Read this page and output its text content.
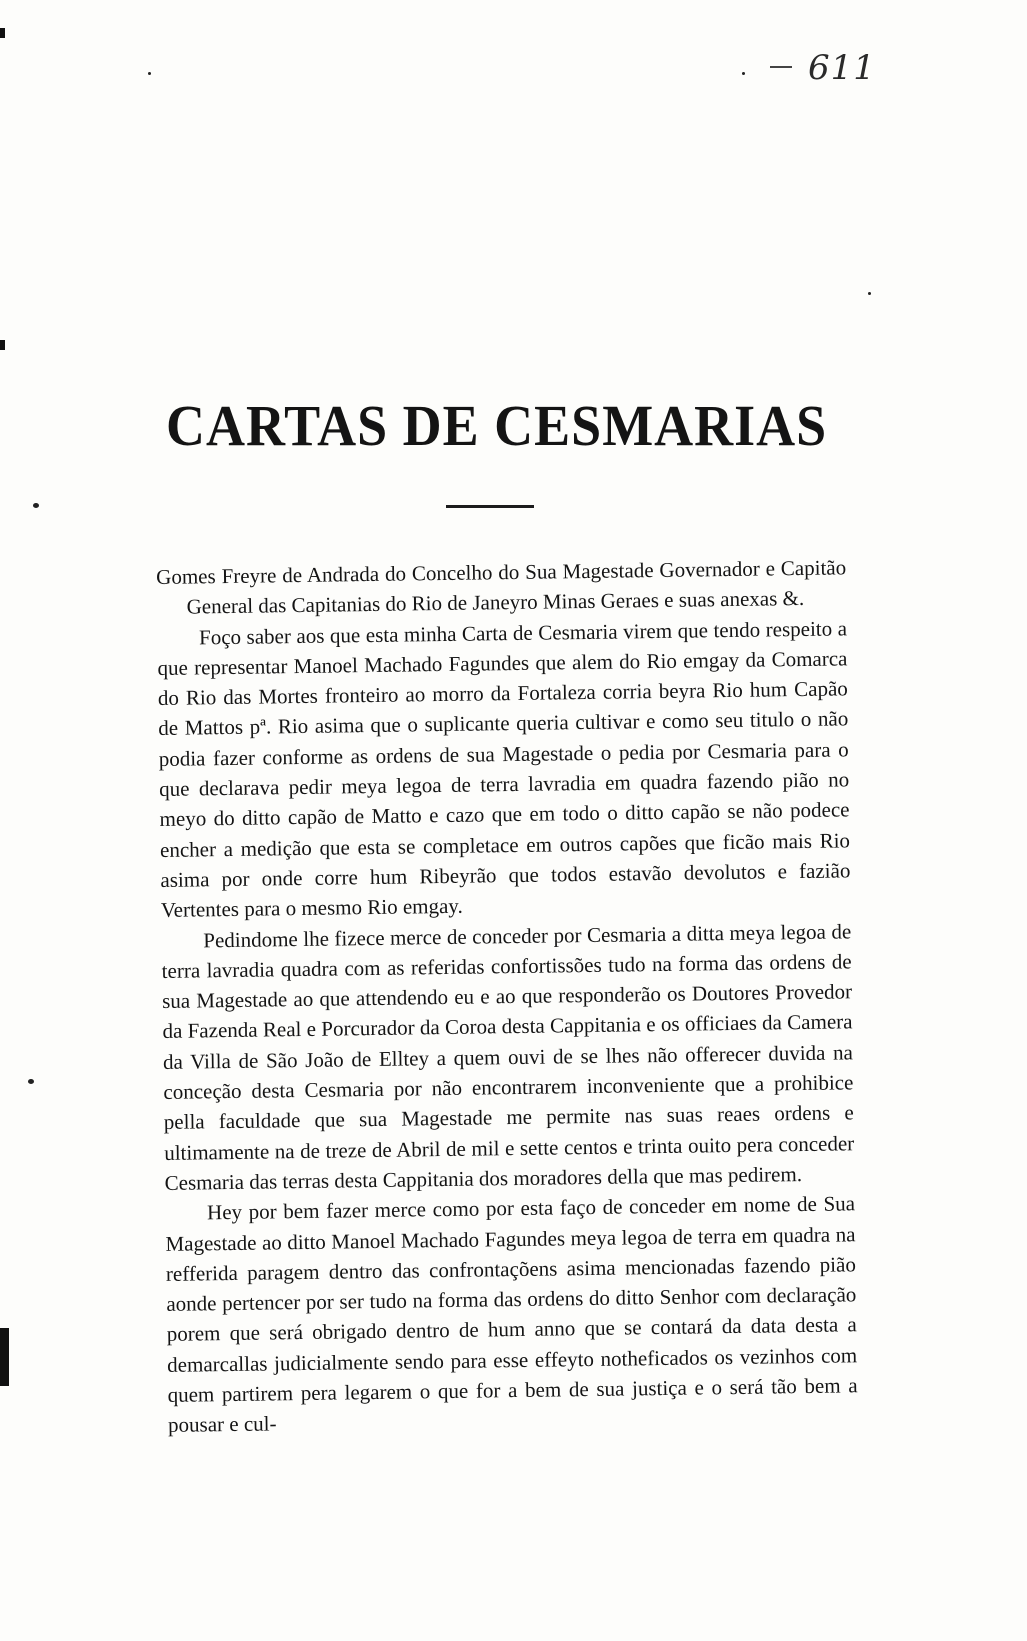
611
CARTAS DE CESMARIAS

Gomes Freyre de Andrada do Concelho do Sua Magestade Governador e Capitão General das Capitanias do Rio de Janeyro Minas Geraes e suas anexas &.

Foço saber aos que esta minha Carta de Cesmaria virem que tendo respeito a que representar Manoel Machado Fagundes que alem do Rio emgay da Comarca do Rio das Mortes fronteiro ao morro da Fortaleza corria beyra Rio hum Capão de Mattos pª. Rio asima que o suplicante queria cultivar e como seu titulo o não podia fazer conforme as ordens de sua Magestade o pedia por Cesmaria para o que declarava pedir meya legoa de terra lavradia em quadra fazendo pião no meyo do ditto capão de Matto e cazo que em todo o ditto capão se não podece encher a medição que esta se completace em outros capões que ficão mais Rio asima por onde corre hum Ribeyrão que todos estavão devolutos e fazião Vertentes para o mesmo Rio emgay.

Pedindome lhe fizece merce de conceder por Cesmaria a ditta meya legoa de terra lavradia quadra com as referidas confortissões tudo na forma das ordens de sua Magestade ao que attendendo eu e ao que responderão os Doutores Provedor da Fazenda Real e Porcurador da Coroa desta Cappitania e os officiaes da Camera da Villa de São João de Elltey a quem ouvi de se lhes não offerecer duvida na conceção desta Cesmaria por não encontrarem inconveniente que a prohibice pella faculdade que sua Magestade me permite nas suas reaes ordens e ultimamente na de treze de Abril de mil e sette centos e trinta ouito pera conceder Cesmaria das terras desta Cappitania dos moradores della que mas pedirem.

Hey por bem fazer merce como por esta faço de conceder em nome de Sua Magestade ao ditto Manoel Machado Fagundes meya legoa de terra em quadra na refferida paragem dentro das confrontaçõens asima mencionadas fazendo pião aonde pertencer por ser tudo na forma das ordens do ditto Senhor com declaração porem que será obrigado dentro de hum anno que se contará da data desta a demarcallas judicialmente sendo para esse effeyto notheficados os vezinhos com quem partirem pera legarem o que for a bem de sua justiça e o será tão bem a pousar e cul-
